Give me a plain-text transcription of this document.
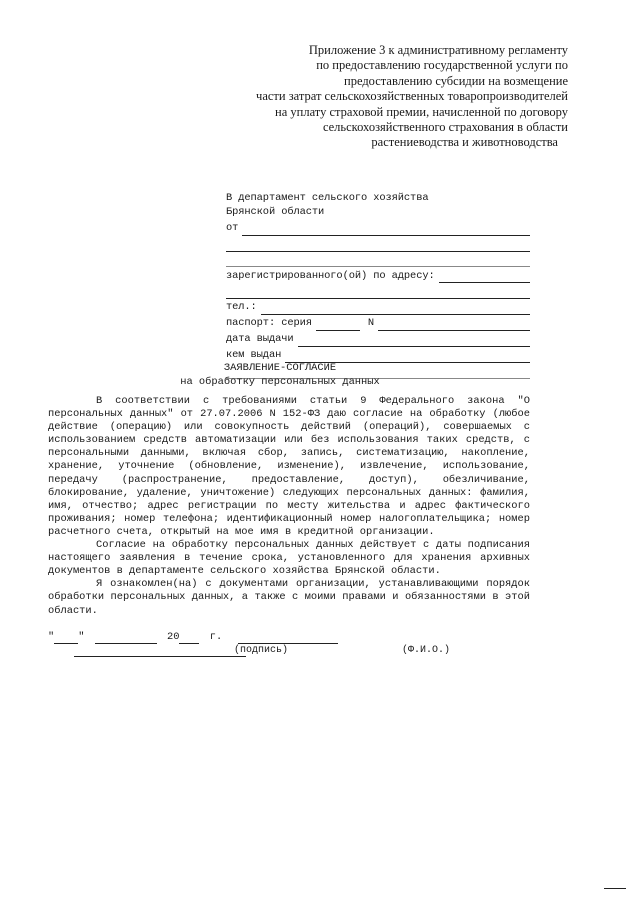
Приложение 3 к административному регламенту
по предоставлению государственной услуги по
предоставлению субсидии на возмещение
части затрат сельскохозяйственных товаропроизводителей
на уплату страховой премии, начисленной по договору
сельскохозяйственного страхования в области
растениеводства и животноводства
В департамент сельского хозяйства
Брянской области
от
зарегистрированного(ой) по адресу:
тел.:
паспорт: серия	N
дата выдачи
кем выдан
ЗАЯВЛЕНИЕ-СОГЛАСИЕ
на обработку персональных данных

В соответствии с требованиями статьи 9 Федерального закона "О персональных данных" от 27.07.2006 N 152-ФЗ даю согласие на обработку (любое действие (операцию) или совокупность действий (операций), совершаемых с использованием средств автоматизации или без использования таких средств, с персональными данными, включая сбор, запись, систематизацию, накопление, хранение, уточнение (обновление, изменение), извлечение, использование, передачу (распространение, предоставление, доступ), обезличивание, блокирование, удаление, уничтожение) следующих персональных данных: фамилия, имя, отчество; адрес регистрации по месту жительства и адрес фактического проживания; номер телефона; идентификационный номер налогоплательщика; номер расчетного счета, открытый на мое имя в кредитной организации.

Согласие на обработку персональных данных действует с даты подписания настоящего заявления в течение срока, установленного для хранения архивных документов в департаменте сельского хозяйства Брянской области.

Я ознакомлен(на) с документами организации, устанавливающими порядок обработки персональных данных, а также с моими правами и обязанностями в этой области.

" "	20	г.
(подпись)	(Ф.И.О.)
